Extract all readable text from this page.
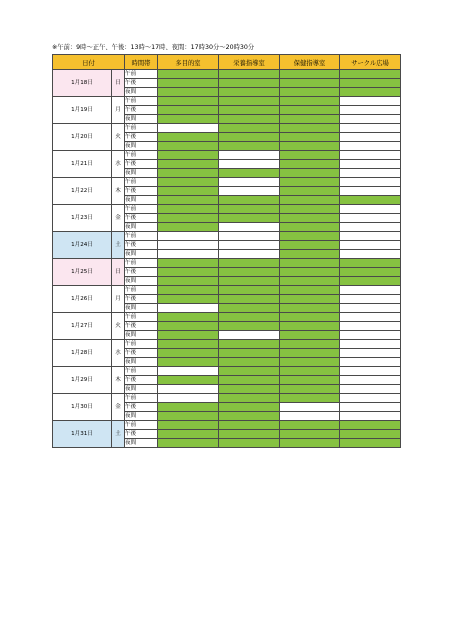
※午前：9時～正午、午後：13時～17時、夜間：17時30分～20時30分
日付		時間帯	多目的室	栄養指導室	保健指導室	サークル広場
1月18日	日	午前				
		午後				
		夜間				
1月19日	月	午前				
		午後				
		夜間				
1月20日	火	午前				
		午後				
		夜間				
1月21日	水	午前				
		午後				
		夜間				
1月22日	木	午前				
		午後				
		夜間				
1月23日	金	午前				
		午後				
		夜間				
1月24日	土	午前				
		午後				
		夜間				
1月25日	日	午前				
		午後				
		夜間				
1月26日	月	午前				
		午後				
		夜間				
1月27日	火	午前				
		午後				
		夜間				
1月28日	水	午前				
		午後				
		夜間				
1月29日	木	午前				
		午後				
		夜間				
1月30日	金	午前				
		午後				
		夜間				
1月31日	土	午前				
		午後				
		夜間				
